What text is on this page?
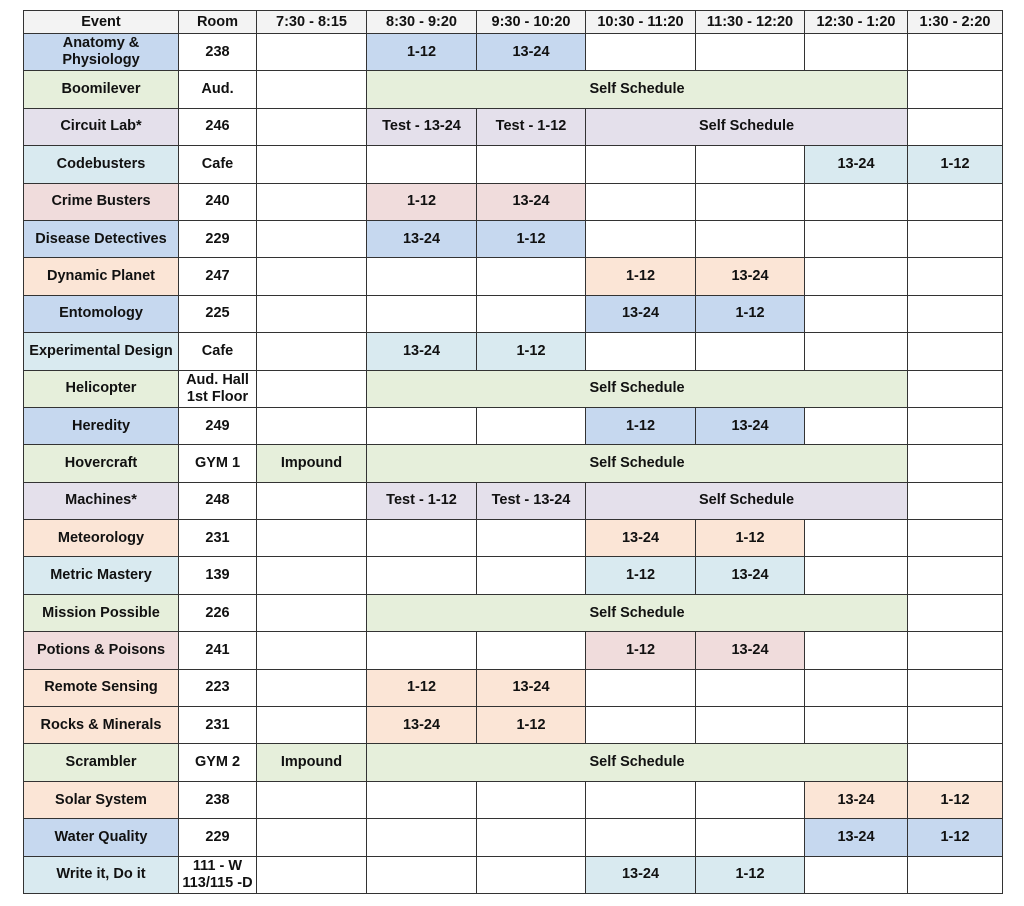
Event	Room	7:30 - 8:15	8:30 - 9:20	9:30 - 10:20	10:30 - 11:20	11:30 - 12:20	12:30 - 1:20	1:30 - 2:20
Anatomy & Physiology	238		1-12	13-24				
Boomilever	Aud.		Self Schedule					
Circuit Lab*	246		Test - 13-24	Test - 1-12	Self Schedule			
Codebusters	Cafe						13-24	1-12
Crime Busters	240		1-12	13-24				
Disease Detectives	229		13-24	1-12				
Dynamic Planet	247				1-12	13-24		
Entomology	225				13-24	1-12		
Experimental Design	Cafe		13-24	1-12				
Helicopter	Aud. Hall 1st Floor		Self Schedule					
Heredity	249				1-12	13-24		
Hovercraft	GYM 1	Impound	Self Schedule					
Machines*	248		Test - 1-12	Test - 13-24	Self Schedule			
Meteorology	231				13-24	1-12		
Metric Mastery	139				1-12	13-24		
Mission Possible	226		Self Schedule					
Potions & Poisons	241				1-12	13-24		
Remote Sensing	223		1-12	13-24				
Rocks & Minerals	231		13-24	1-12				
Scrambler	GYM 2	Impound	Self Schedule					
Solar System	238						13-24	1-12
Water Quality	229						13-24	1-12
Write it, Do it	111 - W 113/115 -D				13-24	1-12		
